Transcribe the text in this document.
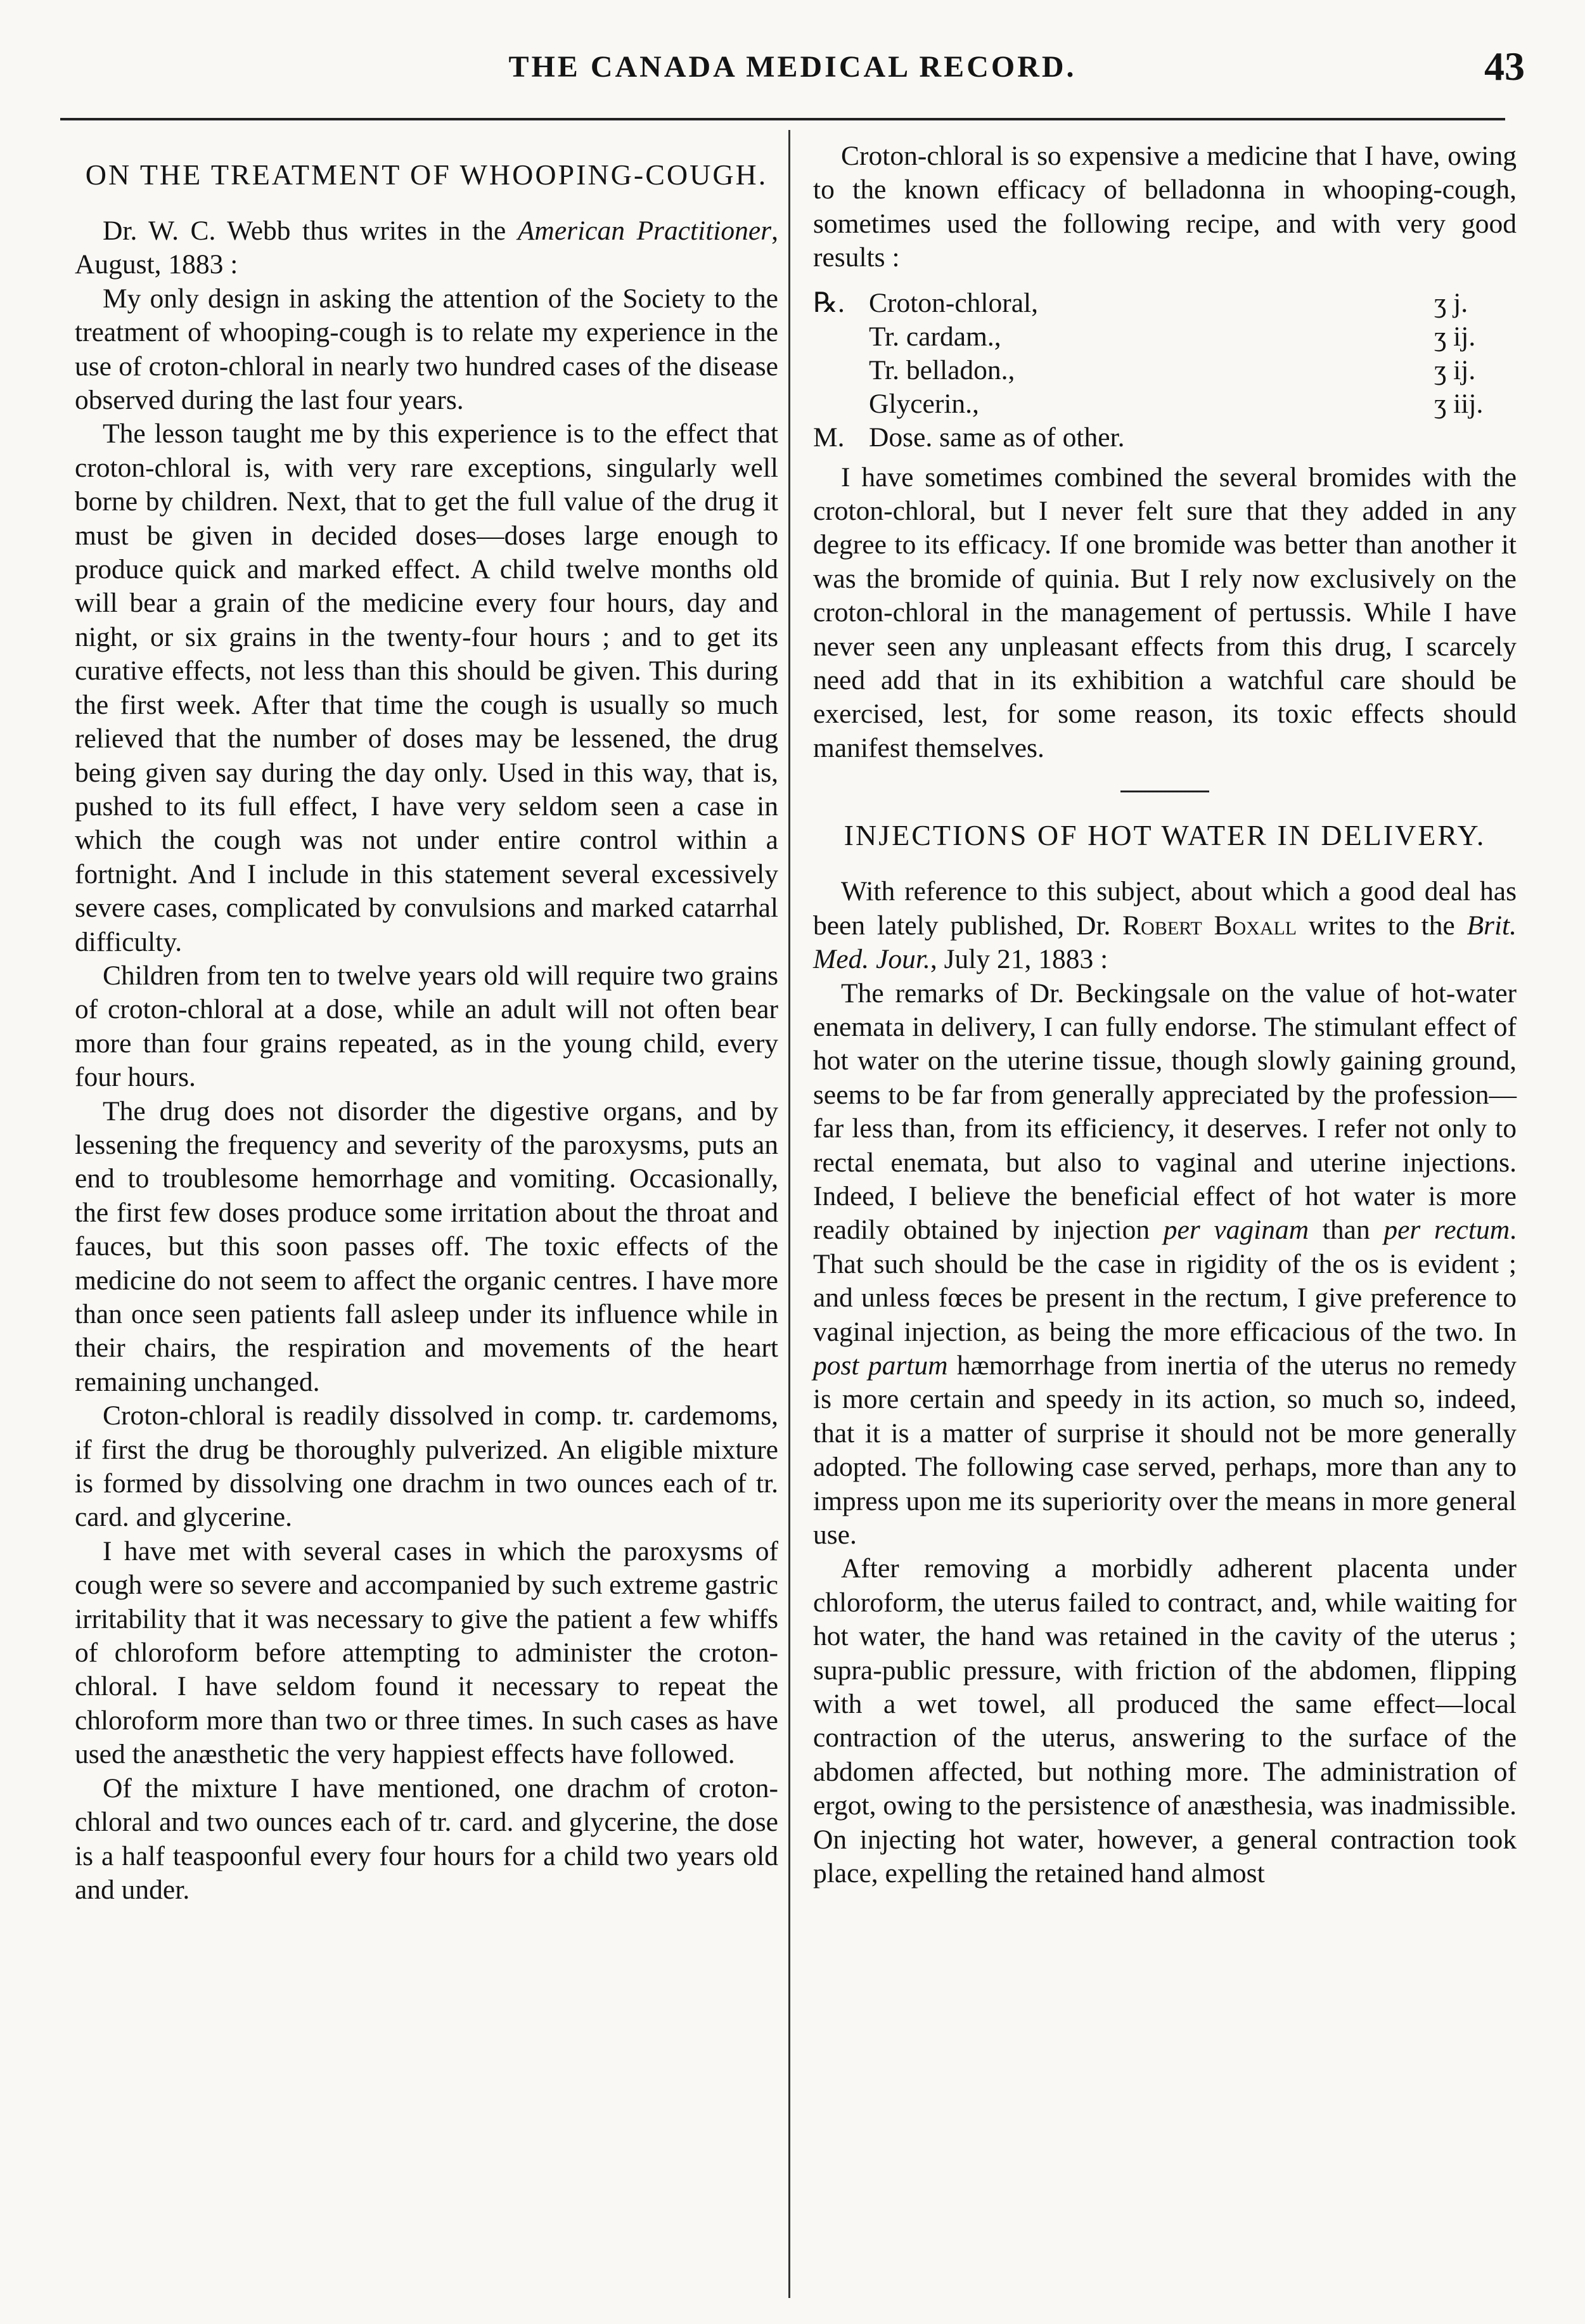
THE CANADA MEDICAL RECORD.	43
ON THE TREATMENT OF WHOOPING-COUGH.

Dr. W. C. Webb thus writes in the American Practitioner, August, 1883 :

My only design in asking the attention of the Society to the treatment of whooping-cough is to relate my experience in the use of croton-chloral in nearly two hundred cases of the disease observed during the last four years.

The lesson taught me by this experience is to the effect that croton-chloral is, with very rare exceptions, singularly well borne by children. Next, that to get the full value of the drug it must be given in decided doses—doses large enough to produce quick and marked effect. A child twelve months old will bear a grain of the medicine every four hours, day and night, or six grains in the twenty-four hours ; and to get its curative effects, not less than this should be given. This during the first week. After that time the cough is usually so much relieved that the number of doses may be lessened, the drug being given say during the day only. Used in this way, that is, pushed to its full effect, I have very seldom seen a case in which the cough was not under entire control within a fortnight. And I include in this statement several excessively severe cases, complicated by convulsions and marked catarrhal difficulty.

Children from ten to twelve years old will require two grains of croton-chloral at a dose, while an adult will not often bear more than four grains repeated, as in the young child, every four hours.

The drug does not disorder the digestive organs, and by lessening the frequency and severity of the paroxysms, puts an end to troublesome hemorrhage and vomiting. Occasionally, the first few doses produce some irritation about the throat and fauces, but this soon passes off. The toxic effects of the medicine do not seem to affect the organic centres. I have more than once seen patients fall asleep under its influence while in their chairs, the respiration and movements of the heart remaining unchanged.

Croton-chloral is readily dissolved in comp. tr. cardemoms, if first the drug be thoroughly pulverized. An eligible mixture is formed by dissolving one drachm in two ounces each of tr. card. and glycerine.

I have met with several cases in which the paroxysms of cough were so severe and accompanied by such extreme gastric irritability that it was necessary to give the patient a few whiffs of chloroform before attempting to administer the croton-chloral. I have seldom found it necessary to repeat the chloroform more than two or three times. In such cases as have used the anæsthetic the very happiest effects have followed.

Of the mixture I have mentioned, one drachm of croton-chloral and two ounces each of tr. card. and glycerine, the dose is a half teaspoonful every four hours for a child two years old and under.

Croton-chloral is so expensive a medicine that I have, owing to the known efficacy of belladonna in whooping-cough, sometimes used the following recipe, and with very good results :

℞. Croton-chloral,	ʒ j.
Tr. cardam.,	ʒ ij.
Tr. belladon.,	ʒ ij.
Glycerin.,	ʒ iij.
M. Dose. same as of other.

I have sometimes combined the several bromides with the croton-chloral, but I never felt sure that they added in any degree to its efficacy. If one bromide was better than another it was the bromide of quinia. But I rely now exclusively on the croton-chloral in the management of pertussis. While I have never seen any unpleasant effects from this drug, I scarcely need add that in its exhibition a watchful care should be exercised, lest, for some reason, its toxic effects should manifest themselves.

INJECTIONS OF HOT WATER IN DELIVERY.

With reference to this subject, about which a good deal has been lately published, Dr. Robert Boxall writes to the Brit. Med. Jour., July 21, 1883 :

The remarks of Dr. Beckingsale on the value of hot-water enemata in delivery, I can fully endorse. The stimulant effect of hot water on the uterine tissue, though slowly gaining ground, seems to be far from generally appreciated by the profession—far less than, from its efficiency, it deserves. I refer not only to rectal enemata, but also to vaginal and uterine injections. Indeed, I believe the beneficial effect of hot water is more readily obtained by injection per vaginam than per rectum. That such should be the case in rigidity of the os is evident ; and unless fœces be present in the rectum, I give preference to vaginal injection, as being the more efficacious of the two. In post partum hæmorrhage from inertia of the uterus no remedy is more certain and speedy in its action, so much so, indeed, that it is a matter of surprise it should not be more generally adopted. The following case served, perhaps, more than any to impress upon me its superiority over the means in more general use.

After removing a morbidly adherent placenta under chloroform, the uterus failed to contract, and, while waiting for hot water, the hand was retained in the cavity of the uterus ; supra-public pressure, with friction of the abdomen, flipping with a wet towel, all produced the same effect—local contraction of the uterus, answering to the surface of the abdomen affected, but nothing more. The administration of ergot, owing to the persistence of anæsthesia, was inadmissible. On injecting hot water, however, a general contraction took place, expelling the retained hand almost
